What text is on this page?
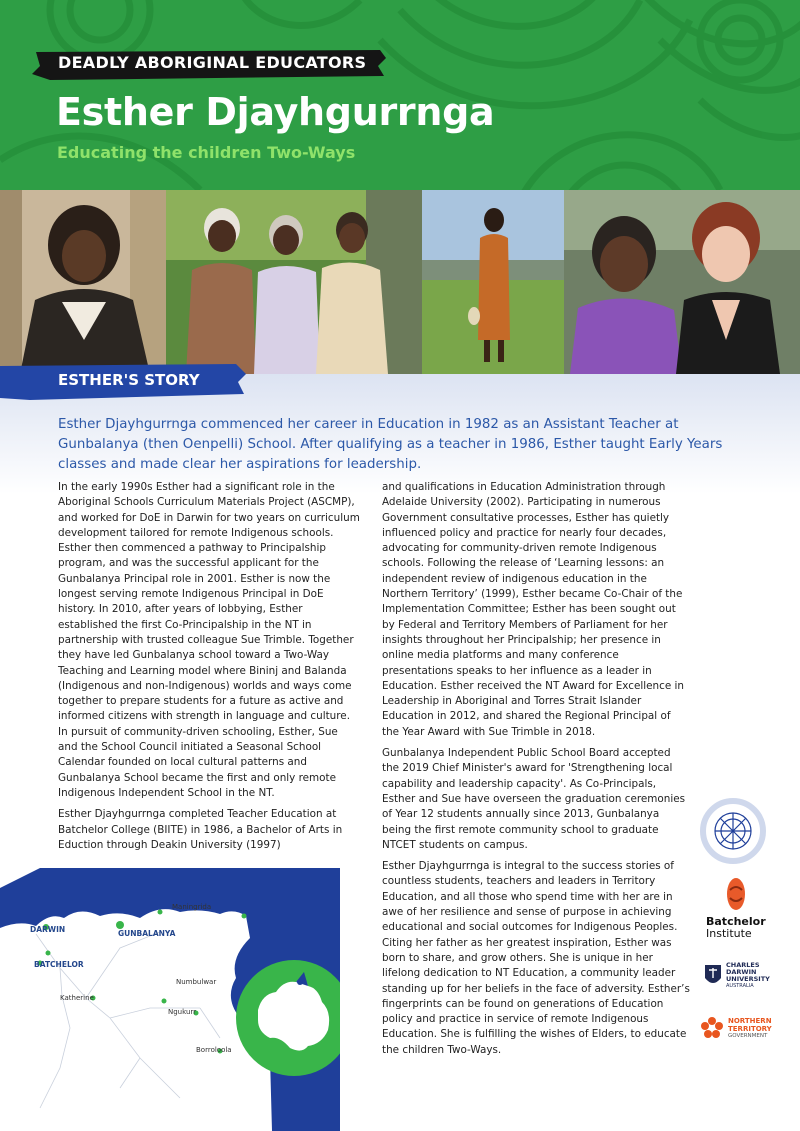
DEADLY ABORIGINAL EDUCATORS
Esther Djayhgurrnga
Educating the children Two-Ways
ESTHER'S STORY
Esther Djayhgurrnga commenced her career in Education in 1982 as an Assistant Teacher at Gunbalanya (then Oenpelli) School. After qualifying as a teacher in 1986, Esther taught Early Years classes and made clear her aspirations for leadership.

In the early 1990s Esther had a significant role in the Aboriginal Schools Curriculum Materials Project (ASCMP), and worked for DoE in Darwin for two years on curriculum development tailored for remote Indigenous schools. Esther then commenced a pathway to Principalship program, and was the successful applicant for the Gunbalanya Principal role in 2001. Esther is now the longest serving remote Indigenous Principal in DoE history. In 2010, after years of lobbying, Esther established the first Co-Principalship in the NT in partnership with trusted colleague Sue Trimble. Together they have led Gunbalanya school toward a Two-Way Teaching and Learning model where Bininj and Balanda (Indigenous and non-Indigenous) worlds and ways come together to prepare students for a future as active and informed citizens with strength in language and culture. In pursuit of community-driven schooling, Esther, Sue and the School Council initiated a Seasonal School Calendar founded on local cultural patterns and Gunbalanya School became the first and only remote Indigenous Independent School in the NT.

Esther Djayhgurrnga completed Teacher Education at Batchelor College (BIITE) in 1986, a Bachelor of Arts in Eduction through Deakin University (1997)

and qualifications in Education Administration through Adelaide University (2002). Participating in numerous Government consultative processes, Esther has quietly influenced policy and practice for nearly four decades, advocating for community-driven remote Indigenous schools. Following the release of ‘Learning lessons: an independent review of indigenous education in the Northern Territory’ (1999), Esther became Co-Chair of the Implementation Committee; Esther has been sought out by Federal and Territory Members of Parliament for her insights throughout her Principalship; her presence in online media platforms and many conference presentations speaks to her influence as a leader in Education. Esther received the NT Award for Excellence in Leadership in Aboriginal and Torres Strait Islander Education in 2012, and shared the Regional Principal of the Year Award with Sue Trimble in 2018.

Gunbalanya Independent Public School Board accepted the 2019 Chief Minister's award for 'Strengthening local capability and leadership capacity'. As Co-Principals, Esther and Sue have overseen the graduation ceremonies of Year 12 students annually since 2013, Gunbalanya being the first remote community school to graduate NTCET students on campus.

Esther Djayhgurrnga is integral to the success stories of countless students, teachers and leaders in Territory Education, and all those who spend time with her are in awe of her resilience and sense of purpose in achieving educational and social outcomes for Indigenous Peoples. Citing her father as her greatest inspiration, Esther was born to share, and grow others. She is unique in her lifelong dedication to NT Education, a community leader standing up for her beliefs in the face of adversity. Esther’s fingerprints can be found on generations of Education policy and practice in service of remote Indigenous Education. She is fulfilling the wishes of Elders, to educate the children Two-Ways.

Maningrida
DARWIN	GUNBALANYA
BATCHELOR
Numbulwar
Katherine
Ngukurr
Borroloola
Batchelor
Institute
CHARLES
DARWIN
UNIVERSITY
AUSTRALIA
NORTHERN
TERRITORY
GOVERNMENT
